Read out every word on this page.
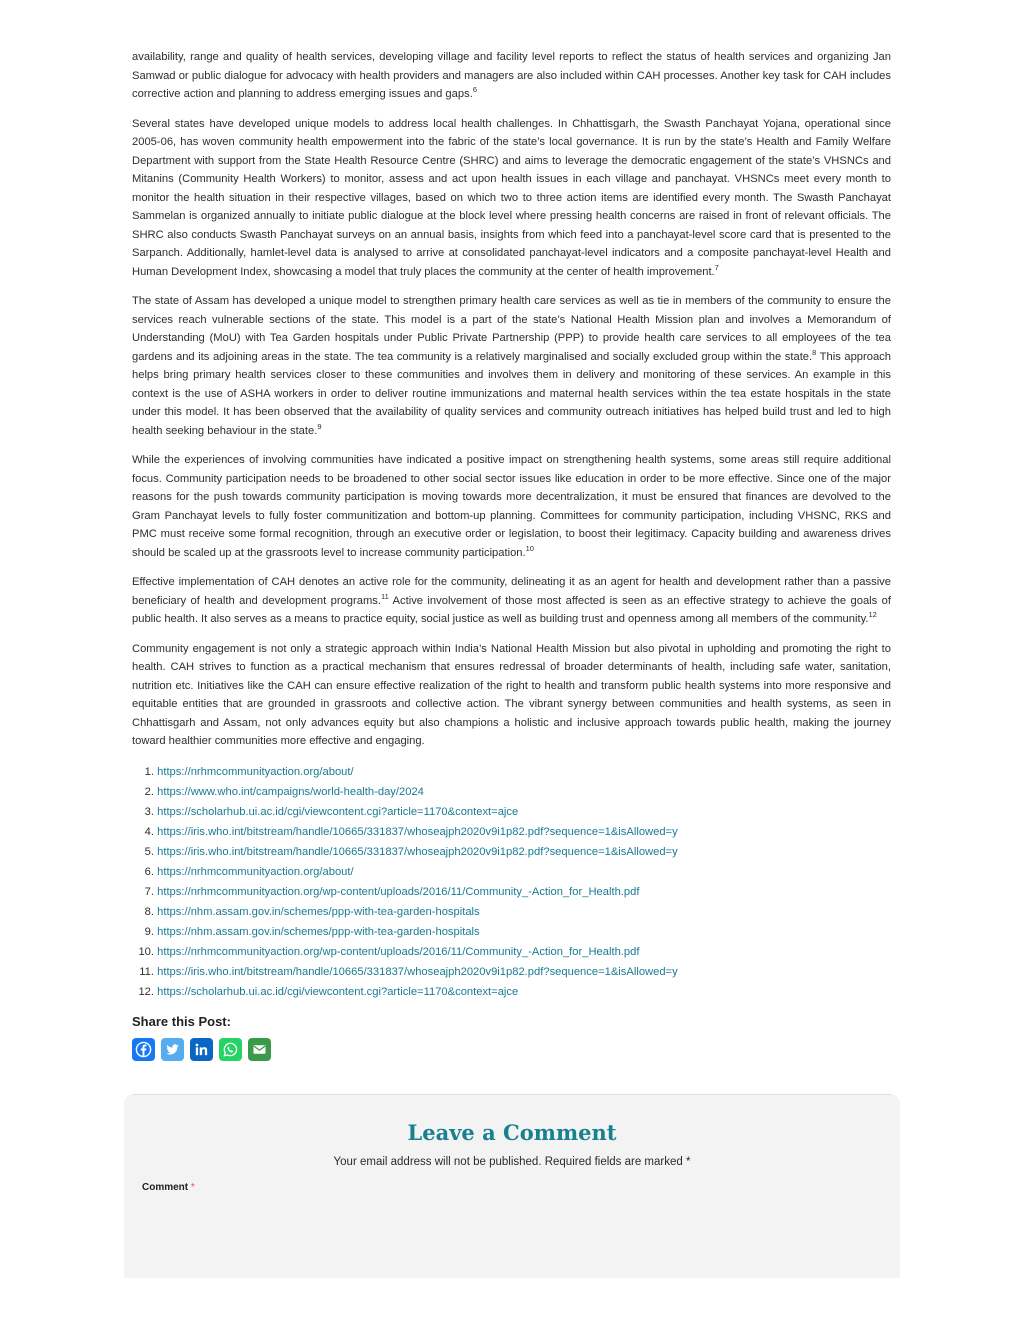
availability, range and quality of health services, developing village and facility level reports to reflect the status of health services and organizing Jan Samwad or public dialogue for advocacy with health providers and managers are also included within CAH processes. Another key task for CAH includes corrective action and planning to address emerging issues and gaps.$^6$

Several states have developed unique models to address local health challenges. In Chhattisgarh, the Swasth Panchayat Yojana, operational since 2005-06, has woven community health empowerment into the fabric of the state’s local governance. It is run by the state’s Health and Family Welfare Department with support from the State Health Resource Centre (SHRC) and aims to leverage the democratic engagement of the state’s VHSNCs and Mitanins (Community Health Workers) to monitor, assess and act upon health issues in each village and panchayat. VHSNCs meet every month to monitor the health situation in their respective villages, based on which two to three action items are identified every month. The Swasth Panchayat Sammelan is organized annually to initiate public dialogue at the block level where pressing health concerns are raised in front of relevant officials. The SHRC also conducts Swasth Panchayat surveys on an annual basis, insights from which feed into a panchayat-level score card that is presented to the Sarpanch. Additionally, hamlet-level data is analysed to arrive at consolidated panchayat-level indicators and a composite panchayat-level Health and Human Development Index, showcasing a model that truly places the community at the center of health improvement.$^7$

The state of Assam has developed a unique model to strengthen primary health care services as well as tie in members of the community to ensure the services reach vulnerable sections of the state. This model is a part of the state’s National Health Mission plan and involves a Memorandum of Understanding (MoU) with Tea Garden hospitals under Public Private Partnership (PPP) to provide health care services to all employees of the tea gardens and its adjoining areas in the state. The tea community is a relatively marginalised and socially excluded group within the state.$^8$ This approach helps bring primary health services closer to these communities and involves them in delivery and monitoring of these services. An example in this context is the use of ASHA workers in order to deliver routine immunizations and maternal health services within the tea estate hospitals in the state under this model. It has been observed that the availability of quality services and community outreach initiatives has helped build trust and led to high health seeking behaviour in the state.$^9$

While the experiences of involving communities have indicated a positive impact on strengthening health systems, some areas still require additional focus. Community participation needs to be broadened to other social sector issues like education in order to be more effective. Since one of the major reasons for the push towards community participation is moving towards more decentralization, it must be ensured that finances are devolved to the Gram Panchayat levels to fully foster communitization and bottom-up planning. Committees for community participation, including VHSNC, RKS and PMC must receive some formal recognition, through an executive order or legislation, to boost their legitimacy. Capacity building and awareness drives should be scaled up at the grassroots level to increase community participation.$^{10}$

Effective implementation of CAH denotes an active role for the community, delineating it as an agent for health and development rather than a passive beneficiary of health and development programs.$^{11}$ Active involvement of those most affected is seen as an effective strategy to achieve the goals of public health. It also serves as a means to practice equity, social justice as well as building trust and openness among all members of the community.$^{12}$

Community engagement is not only a strategic approach within India’s National Health Mission but also pivotal in upholding and promoting the right to health. CAH strives to function as a practical mechanism that ensures redressal of broader determinants of health, including safe water, sanitation, nutrition etc. Initiatives like the CAH can ensure effective realization of the right to health and transform public health systems into more responsive and equitable entities that are grounded in grassroots and collective action. The vibrant synergy between communities and health systems, as seen in Chhattisgarh and Assam, not only advances equity but also champions a holistic and inclusive approach towards public health, making the journey toward healthier communities more effective and engaging.

1. https://nrhmcommunityaction.org/about/
2. https://www.who.int/campaigns/world-health-day/2024
3. https://scholarhub.ui.ac.id/cgi/viewcontent.cgi?article=1170&context=ajce
4. https://iris.who.int/bitstream/handle/10665/331837/whoseajph2020v9i1p82.pdf?sequence=1&isAllowed=y
5. https://iris.who.int/bitstream/handle/10665/331837/whoseajph2020v9i1p82.pdf?sequence=1&isAllowed=y
6. https://nrhmcommunityaction.org/about/
7. https://nrhmcommunityaction.org/wp-content/uploads/2016/11/Community_-Action_for_Health.pdf
8. https://nhm.assam.gov.in/schemes/ppp-with-tea-garden-hospitals
9. https://nhm.assam.gov.in/schemes/ppp-with-tea-garden-hospitals
10. https://nrhmcommunityaction.org/wp-content/uploads/2016/11/Community_-Action_for_Health.pdf
11. https://iris.who.int/bitstream/handle/10665/331837/whoseajph2020v9i1p82.pdf?sequence=1&isAllowed=y
12. https://scholarhub.ui.ac.id/cgi/viewcontent.cgi?article=1170&context=ajce
Share this Post:
Leave a Comment
Your email address will not be published. Required fields are marked *
Comment *
